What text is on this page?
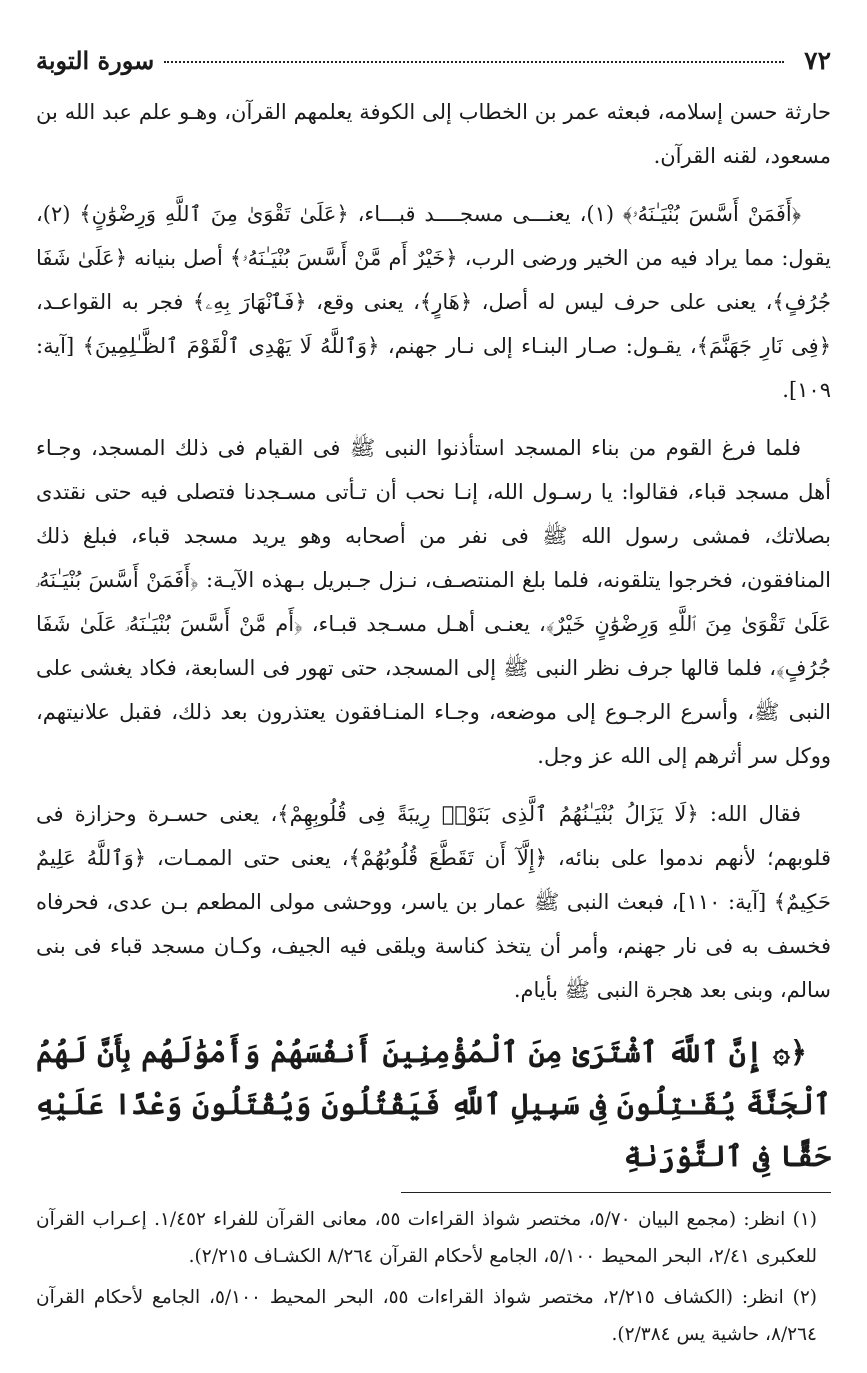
٧٢
سورة التوبة

حارثة حسن إسلامه، فبعثه عمر بن الخطاب إلى الكوفة يعلمهم القرآن، وهـو علم عبد الله بن مسعود، لقنه القرآن.

﴿أَفَمَنْ أَسَّسَ بُنْيَـٰنَهُۥ﴾ (١)، يعنـــى مسجــــد قبـــاء، ﴿عَلَىٰ تَقْوَىٰ مِنَ ٱللَّهِ وَرِضْوَٰنٍ﴾ (٢)، يقول: مما يراد فيه من الخير ورضى الرب، ﴿خَيْرٌ أَم مَّنْ أَسَّسَ بُنْيَـٰنَهُۥ﴾ أصل بنيانه ﴿عَلَىٰ شَفَا جُرُفٍ﴾، يعنى على حرف ليس له أصل، ﴿هَارٍ﴾، يعنى وقع، ﴿فَٱنْهَارَ بِهِۦ﴾ فجر به القواعـد، ﴿فِى نَارِ جَهَنَّمَ﴾، يقـول: صـار البنـاء إلى نـار جهنم، ﴿وَٱللَّهُ لَا يَهْدِى ٱلْقَوْمَ ٱلظَّـٰلِمِينَ﴾ [آية: ١٠٩].

فلما فرغ القوم من بناء المسجد استأذنوا النبى ﷺ فى القيام فى ذلك المسجد، وجـاء أهل مسجد قباء، فقالوا: يا رسـول الله، إنـا نحب أن تـأتى مسـجدنا فتصلى فيه حتى نقتدى بصلاتك، فمشى رسول الله ﷺ فى نفر من أصحابه وهو يريد مسجد قباء، فبلغ ذلك المنافقون، فخرجوا يتلقونه، فلما بلغ المنتصـف، نـزل جـبريل بـهذه الآيـة: ﴿أَفَمَنْ أَسَّسَ بُنْيَـٰنَهُۥ عَلَىٰ تَقْوَىٰ مِنَ ٱللَّهِ وَرِضْوَٰنٍ خَيْرٌ﴾، يعنـى أهـل مسـجد قبـاء، ﴿أَم مَّنْ أَسَّسَ بُنْيَـٰنَهُۥ عَلَىٰ شَفَا جُرُفٍ﴾، فلما قالها جرف نظر النبى ﷺ إلى المسجد، حتى تهور فى السابعة، فكاد يغشى على النبى ﷺ، وأسرع الرجـوع إلى موضعه، وجـاء المنـافقون يعتذرون بعد ذلك، فقبل علانيتهم، ووكل سر أثرهم إلى الله عز وجل.

فقال الله: ﴿لَا يَزَالُ بُنْيَـٰنُهُمُ ٱلَّذِى بَنَوْا۟ رِيبَةً فِى قُلُوبِهِمْ﴾، يعنى حسـرة وحزازة فى قلوبهم؛ لأنهم ندموا على بنائه، ﴿إِلَّآ أَن تَقَطَّعَ قُلُوبُهُمْ﴾، يعنى حتى الممـات، ﴿وَٱللَّهُ عَلِيمٌ حَكِيمٌ﴾ [آية: ١١٠]، فبعث النبى ﷺ عمار بن ياسر، ووحشى مولى المطعم بـن عدى، فحرفاه فخسف به فى نار جهنم، وأمر أن يتخذ كناسة ويلقى فيه الجيف، وكـان مسجد قباء فى بنى سالم، وبنى بعد هجرة النبى ﷺ بأيام.

﴿۞ إِنَّ ٱللَّهَ ٱشْتَرَىٰ مِنَ ٱلْمُؤْمِنِينَ أَنفُسَهُمْ وَأَمْوَٰلَهُم بِأَنَّ لَهُمُ ٱلْجَنَّةَ يُقَـٰتِلُونَ فِى سَبِيلِ ٱللَّهِ فَيَقْتُلُونَ وَيُقْتَلُونَ وَعْدًا عَلَيْهِ حَقًّا فِى ٱلتَّوْرَىٰةِ

(١) انظر: (مجمع البيان ٥/٧٠، مختصر شواذ القراءات ٥٥، معانى القرآن للفراء ١/٤٥٢. إعـراب القرآن للعكبرى ٢/٤١، البحر المحيط ٥/١٠٠، الجامع لأحكام القرآن ٨/٢٦٤ الكشـاف ٢/٢١٥).

(٢) انظر: (الكشاف ٢/٢١٥، مختصر شواذ القراءات ٥٥، البحر المحيط ٥/١٠٠، الجامع لأحكام القرآن ٨/٢٦٤، حاشية يس ٢/٣٨٤).
